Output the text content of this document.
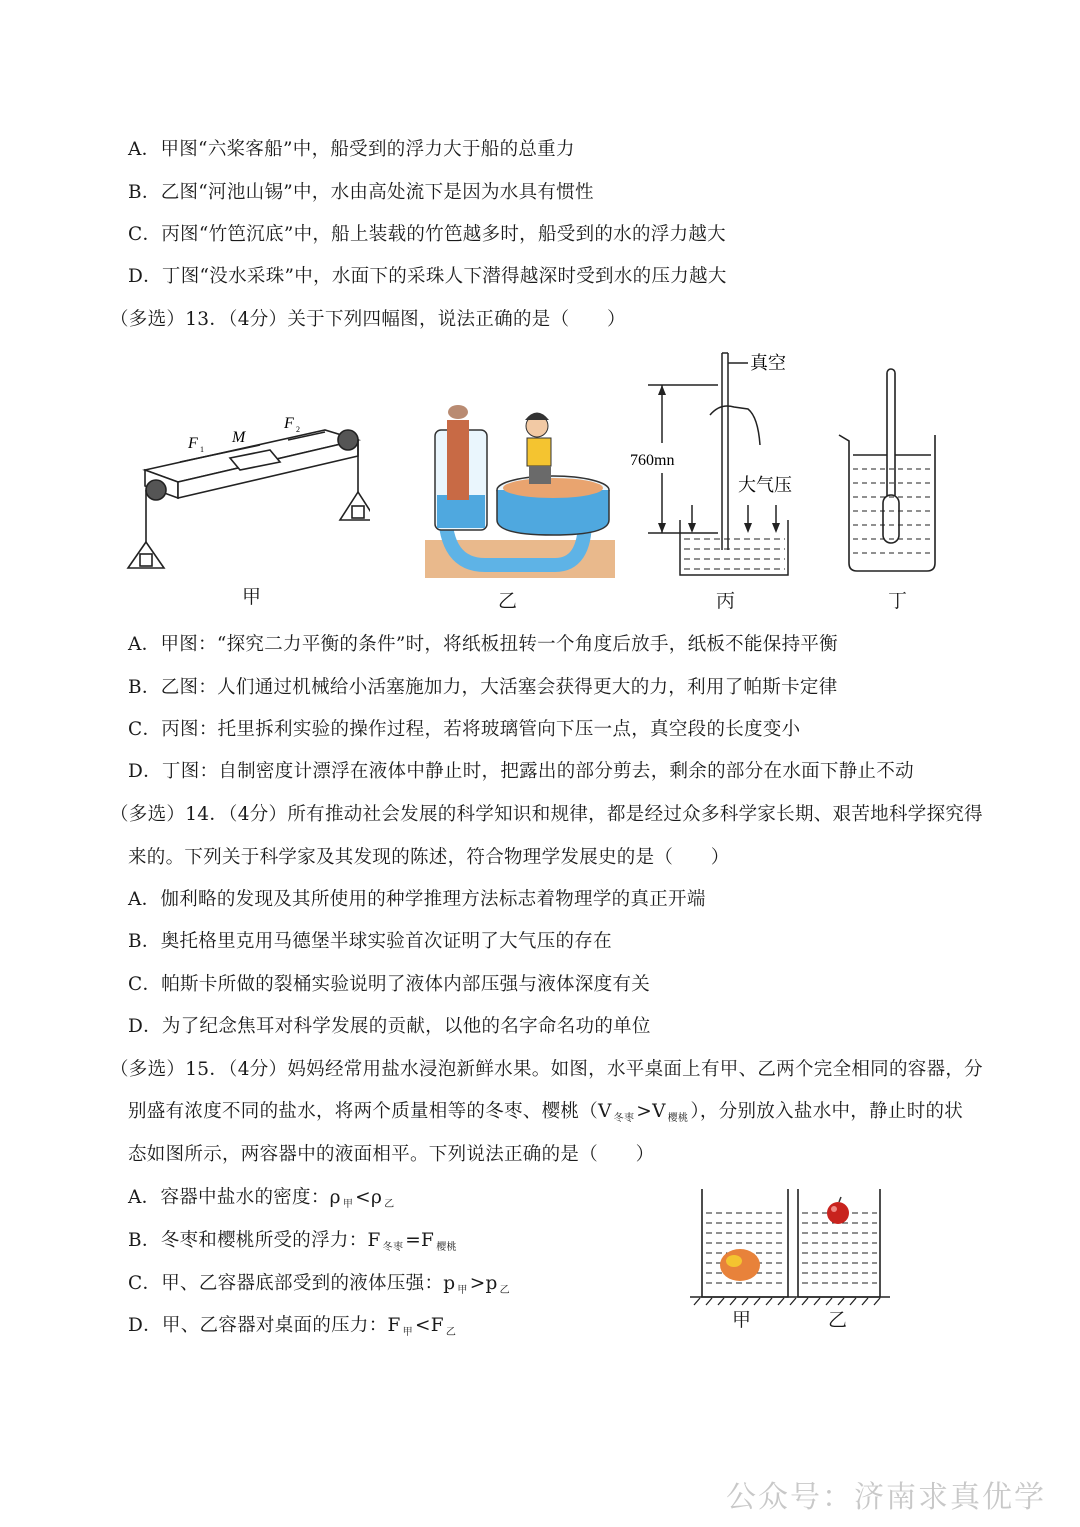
A．甲图“六桨客船”中，船受到的浮力大于船的总重力
B．乙图“河池山锡”中，水由高处流下是因为水具有惯性
C．丙图“竹笆沉底”中，船上装载的竹笆越多时，船受到的水的浮力越大
D．丁图“没水采珠”中，水面下的采珠人下潜得越深时受到水的压力越大
（多选）13．（4分）关于下列四幅图，说法正确的是（　　）
F 1
M
F 2
真空
760mn
大气压
甲	乙	丙	丁
A．甲图：“探究二力平衡的条件”时，将纸板扭转一个角度后放手，纸板不能保持平衡
B．乙图：人们通过机械给小活塞施加力，大活塞会获得更大的力，利用了帕斯卡定律
C．丙图：托里拆利实验的操作过程，若将玻璃管向下压一点，真空段的长度变小
D．丁图：自制密度计漂浮在液体中静止时，把露出的部分剪去，剩余的部分在水面下静止不动
（多选）14．（4分）所有推动社会发展的科学知识和规律，都是经过众多科学家长期、艰苦地科学探究得
来的。下列关于科学家及其发现的陈述，符合物理学发展史的是（　　）
A．伽利略的发现及其所使用的种学推理方法标志着物理学的真正开端
B．奥托格里克用马德堡半球实验首次证明了大气压的存在
C．帕斯卡所做的裂桶实验说明了液体内部压强与液体深度有关
D．为了纪念焦耳对科学发展的贡献，以他的名字命名功的单位
（多选）15．（4分）妈妈经常用盐水浸泡新鲜水果。如图，水平桌面上有甲、乙两个完全相同的容器，分
别盛有浓度不同的盐水，将两个质量相等的冬枣、樱桃（V $_{冬枣}$ >V $_{樱桃}$ ），分别放入盐水中，静止时的状
态如图所示，两容器中的液面相平。下列说法正确的是（　　）
A．容器中盐水的密度：ρ $_甲$ <ρ $_乙$
B．冬枣和樱桃所受的浮力：F $_{冬枣}$ =F $_{樱桃}$
C．甲、乙容器底部受到的液体压强：p $_甲$ >p $_乙$
D．甲、乙容器对桌面的压力：F $_甲$ <F $_乙$
甲	乙
公众号：济南求真优学
